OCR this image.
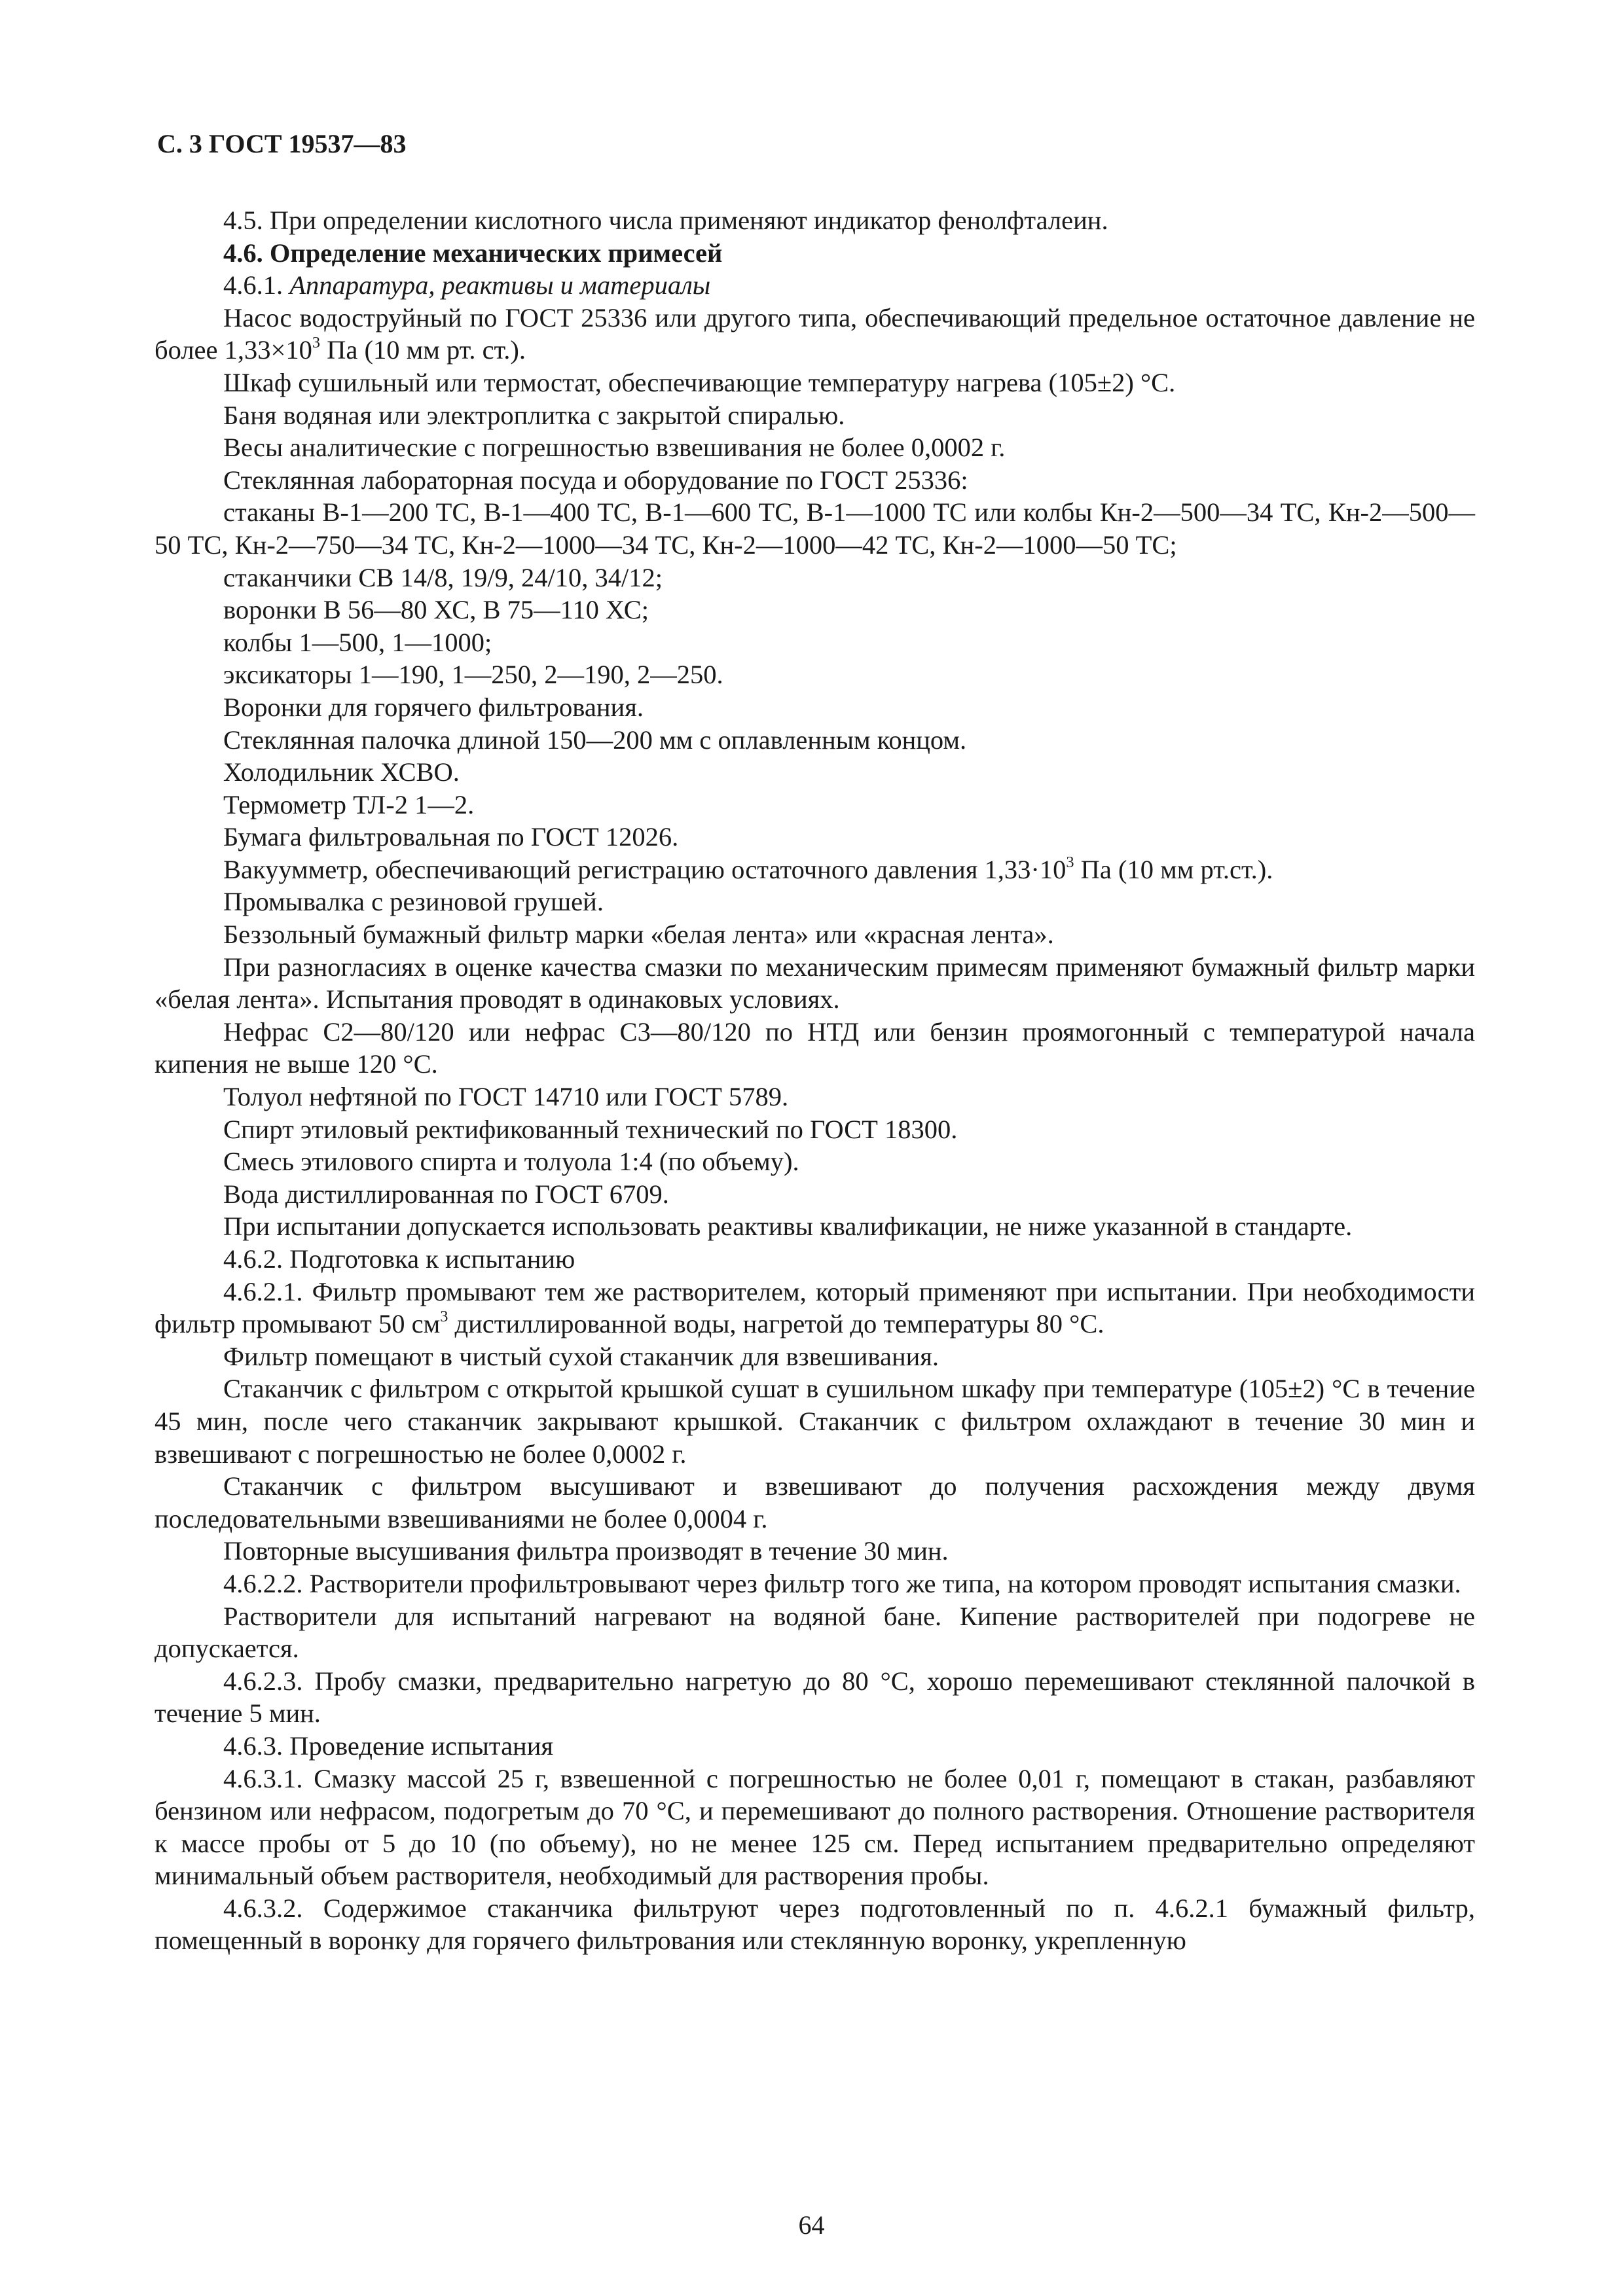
С. 3 ГОСТ 19537—83

4.5. При определении кислотного числа применяют индикатор фенолфталеин.

4.6. Определение механических примесей

4.6.1. Аппаратура, реактивы и материалы

Насос водоструйный по ГОСТ 25336 или другого типа, обеспечивающий предельное остаточное давление не более $1,33\times 10^3$ Па (10 мм рт. ст.).

Шкаф сушильный или термостат, обеспечивающие температуру нагрева (105±2) °С.

Баня водяная или электроплитка с закрытой спиралью.

Весы аналитические с погрешностью взвешивания не более 0,0002 г.

Стеклянная лабораторная посуда и оборудование по ГОСТ 25336:

стаканы В-1—200 ТС, В-1—400 ТС, В-1—600 ТС, В-1—1000 ТС или колбы Кн-2—500—34 ТС, Кн-2—500—50 ТС, Кн-2—750—34 ТС, Кн-2—1000—34 ТС, Кн-2—1000—42 ТС, Кн-2—1000—50 ТС;

стаканчики СВ 14/8, 19/9, 24/10, 34/12;

воронки В 56—80 ХС, В 75—110 ХС;

колбы 1—500, 1—1000;

эксикаторы 1—190, 1—250, 2—190, 2—250.

Воронки для горячего фильтрования.

Стеклянная палочка длиной 150—200 мм с оплавленным концом.

Холодильник ХСВО.

Термометр ТЛ-2 1—2.

Бумага фильтровальная по ГОСТ 12026.

Вакуумметр, обеспечивающий регистрацию остаточного давления $1,33\cdot 10^3$ Па (10 мм рт.ст.).

Промывалка с резиновой грушей.

Беззольный бумажный фильтр марки «белая лента» или «красная лента».

При разногласиях в оценке качества смазки по механическим примесям применяют бумажный фильтр марки «белая лента». Испытания проводят в одинаковых условиях.

Нефрас С2—80/120 или нефрас С3—80/120 по НТД или бензин проямогонный с температурой начала кипения не выше 120 °С.

Толуол нефтяной по ГОСТ 14710 или ГОСТ 5789.

Спирт этиловый ректификованный технический по ГОСТ 18300.

Смесь этилового спирта и толуола 1:4 (по объему).

Вода дистиллированная по ГОСТ 6709.

При испытании допускается использовать реактивы квалификации, не ниже указанной в стандарте.

4.6.2. Подготовка к испытанию

4.6.2.1. Фильтр промывают тем же растворителем, который применяют при испытании. При необходимости фильтр промывают 50 $см^3$ дистиллированной воды, нагретой до температуры 80 °С.

Фильтр помещают в чистый сухой стаканчик для взвешивания.

Стаканчик с фильтром с открытой крышкой сушат в сушильном шкафу при температуре (105±2) °С в течение 45 мин, после чего стаканчик закрывают крышкой. Стаканчик с фильтром охлаждают в течение 30 мин и взвешивают с погрешностью не более 0,0002 г.

Стаканчик с фильтром высушивают и взвешивают до получения расхождения между двумя последовательными взвешиваниями не более 0,0004 г.

Повторные высушивания фильтра производят в течение 30 мин.

4.6.2.2. Растворители профильтровывают через фильтр того же типа, на котором проводят испытания смазки.

Растворители для испытаний нагревают на водяной бане. Кипение растворителей при подогреве не допускается.

4.6.2.3. Пробу смазки, предварительно нагретую до 80 °С, хорошо перемешивают стеклянной палочкой в течение 5 мин.

4.6.3. Проведение испытания

4.6.3.1. Смазку массой 25 г, взвешенной с погрешностью не более 0,01 г, помещают в стакан, разбавляют бензином или нефрасом, подогретым до 70 °С, и перемешивают до полного растворения. Отношение растворителя к массе пробы от 5 до 10 (по объему), но не менее 125 см. Перед испытанием предварительно определяют минимальный объем растворителя, необходимый для растворения пробы.

4.6.3.2. Содержимое стаканчика фильтруют через подготовленный по п. 4.6.2.1 бумажный фильтр, помещенный в воронку для горячего фильтрования или стеклянную воронку, укрепленную

64
